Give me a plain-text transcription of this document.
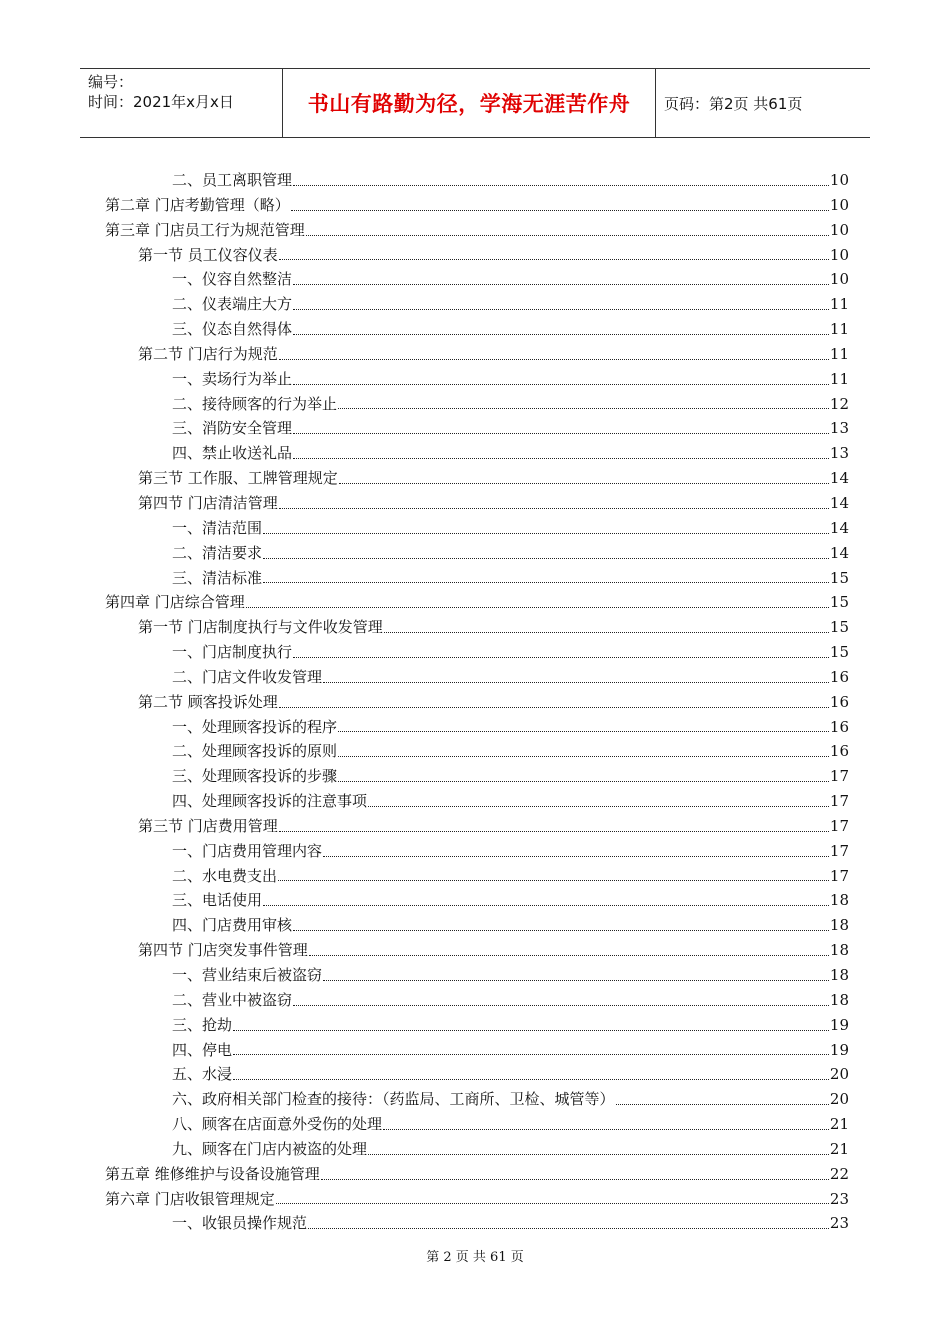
编号：
时间：2021年x月x日	书山有路勤为径，学海无涯苦作舟	页码：第2页 共61页
二、员工离职管理	10
第二章 门店考勤管理（略）	10
第三章 门店员工行为规范管理	10
第一节 员工仪容仪表	10
一、仪容自然整洁	10
二、仪表端庄大方	11
三、仪态自然得体	11
第二节 门店行为规范	11
一、卖场行为举止	11
二、接待顾客的行为举止	12
三、消防安全管理	13
四、禁止收送礼品	13
第三节 工作服、工牌管理规定	14
第四节 门店清洁管理	14
一、清洁范围	14
二、清洁要求	14
三、清洁标准	15
第四章 门店综合管理	15
第一节 门店制度执行与文件收发管理	15
一、门店制度执行	15
二、门店文件收发管理	16
第二节 顾客投诉处理	16
一、处理顾客投诉的程序	16
二、处理顾客投诉的原则	16
三、处理顾客投诉的步骤	17
四、处理顾客投诉的注意事项	17
第三节 门店费用管理	17
一、门店费用管理内容	17
二、水电费支出	17
三、电话使用	18
四、门店费用审核	18
第四节 门店突发事件管理	18
一、营业结束后被盗窃	18
二、营业中被盗窃	18
三、抢劫	19
四、停电	19
五、水浸	20
六、政府相关部门检查的接待：（药监局、工商所、卫检、城管等）	20
八、顾客在店面意外受伤的处理	21
九、顾客在门店内被盗的处理	21
第五章 维修维护与设备设施管理	22
第六章 门店收银管理规定	23
一、收银员操作规范	23
第 2 页 共 61 页
